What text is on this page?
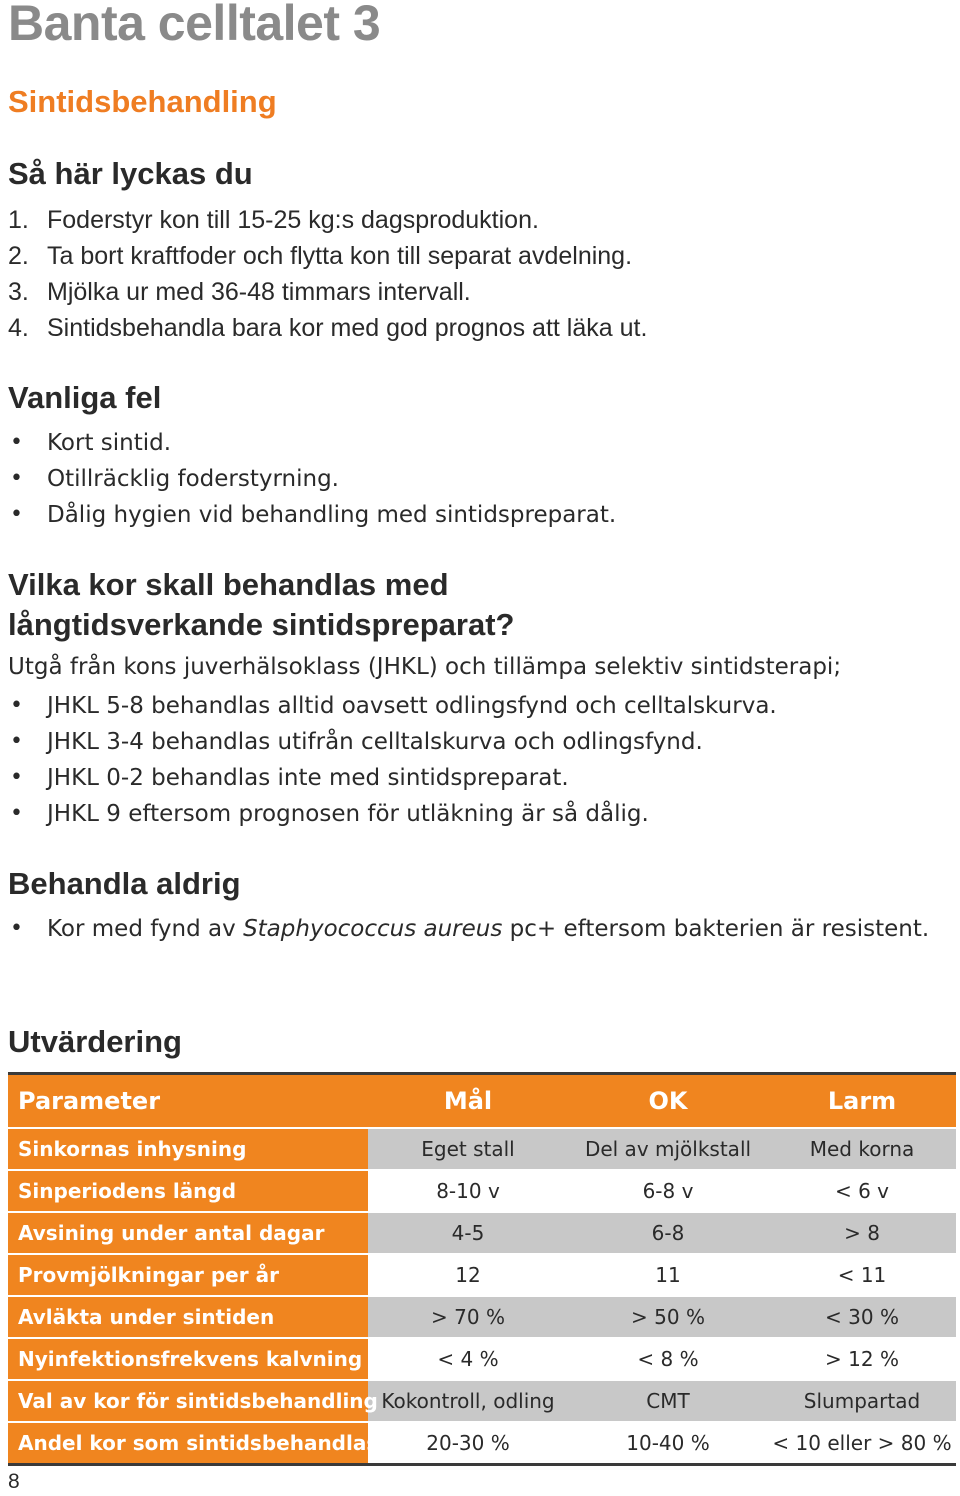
Banta celltalet 3
Sintidsbehandling
Så här lyckas du
1. Foderstyr kon till 15-25 kg:s dagsproduktion.
2. Ta bort kraftfoder och flytta kon till separat avdelning.
3. Mjölka ur med 36-48 timmars intervall.
4. Sintidsbehandla bara kor med god prognos att läka ut.
Vanliga fel
• Kort sintid.
• Otillräcklig foderstyrning.
• Dålig hygien vid behandling med sintidspreparat.
Vilka kor skall behandlas med
långtidsverkande sintidspreparat?
Utgå från kons juverhälsoklass (JHKL) och tillämpa selektiv sintidsterapi;
• JHKL 5-8 behandlas alltid oavsett odlingsfynd och celltalskurva.
• JHKL 3-4 behandlas utifrån celltalskurva och odlingsfynd.
• JHKL 0-2 behandlas inte med sintidspreparat.
• JHKL 9 eftersom prognosen för utläkning är så dålig.
Behandla aldrig
• Kor med fynd av Staphyococcus aureus pc+ eftersom bakterien är resistent.
Utvärdering
Parameter	Mål	OK	Larm
Sinkornas inhysning	Eget stall	Del av mjölkstall	Med korna
Sinperiodens längd	8-10 v	6-8 v	< 6 v
Avsining under antal dagar	4-5	6-8	> 8
Provmjölkningar per år	12	11	< 11
Avläkta under sintiden	> 70 %	> 50 %	< 30 %
Nyinfektionsfrekvens kalvning	< 4 %	< 8 %	> 12 %
Val av kor för sintidsbehandling	Kokontroll, odling	CMT	Slumpartad
Andel kor som sintidsbehandlas	20-30 %	10-40 %	< 10 eller > 80 %
8
